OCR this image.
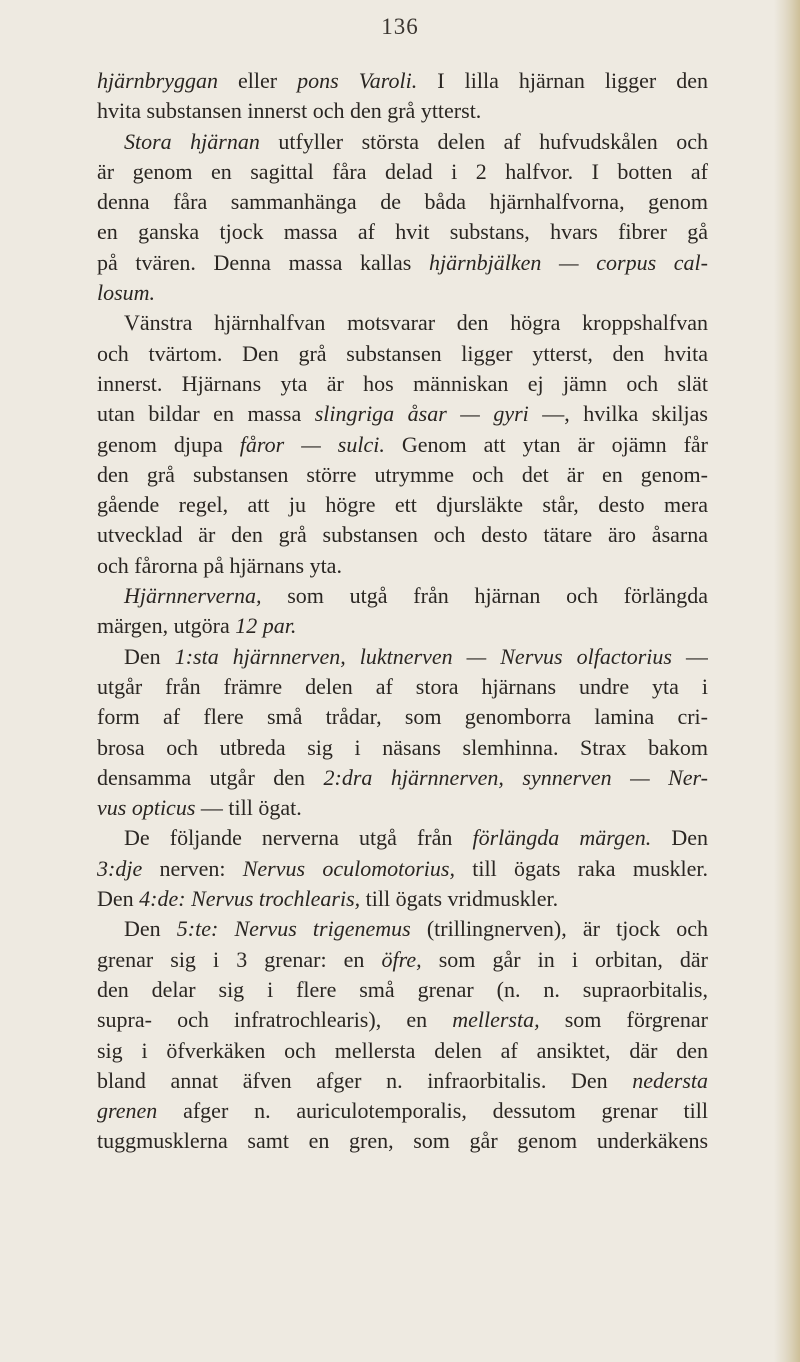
136
hjärnbryggan eller pons Varoli. I lilla hjärnan ligger den
hvita substansen innerst och den grå ytterst.
Stora hjärnan utfyller största delen af hufvudskålen och
är genom en sagittal fåra delad i 2 halfvor. I botten af
denna fåra sammanhänga de båda hjärnhalfvorna, genom
en ganska tjock massa af hvit substans, hvars fibrer gå
på tvären. Denna massa kallas hjärnbjälken — corpus cal-
losum.
Vänstra hjärnhalfvan motsvarar den högra kroppshalfvan
och tvärtom. Den grå substansen ligger ytterst, den hvita
innerst. Hjärnans yta är hos människan ej jämn och slät
utan bildar en massa slingriga åsar — gyri —, hvilka skiljas
genom djupa fåror — sulci. Genom att ytan är ojämn får
den grå substansen större utrymme och det är en genom-
gående regel, att ju högre ett djursläkte står, desto mera
utvecklad är den grå substansen och desto tätare äro åsarna
och fårorna på hjärnans yta.
Hjärnnerverna, som utgå från hjärnan och förlängda
märgen, utgöra 12 par.
Den 1:sta hjärnnerven, luktnerven — Nervus olfactorius —
utgår från främre delen af stora hjärnans undre yta i
form af flere små trådar, som genomborra lamina cri-
brosa och utbreda sig i näsans slemhinna. Strax bakom
densamma utgår den 2:dra hjärnnerven, synnerven — Ner-
vus opticus — till ögat.
De följande nerverna utgå från förlängda märgen. Den
3:dje nerven: Nervus oculomotorius, till ögats raka muskler.
Den 4:de: Nervus trochlearis, till ögats vridmuskler.
Den 5:te: Nervus trigenemus (trillingnerven), är tjock och
grenar sig i 3 grenar: en öfre, som går in i orbitan, där
den delar sig i flere små grenar (n. n. supraorbitalis,
supra- och infratrochlearis), en mellersta, som förgrenar
sig i öfverkäken och mellersta delen af ansiktet, där den
bland annat äfven afger n. infraorbitalis. Den nedersta
grenen afger n. auriculotemporalis, dessutom grenar till
tuggmusklerna samt en gren, som går genom underkäkens
